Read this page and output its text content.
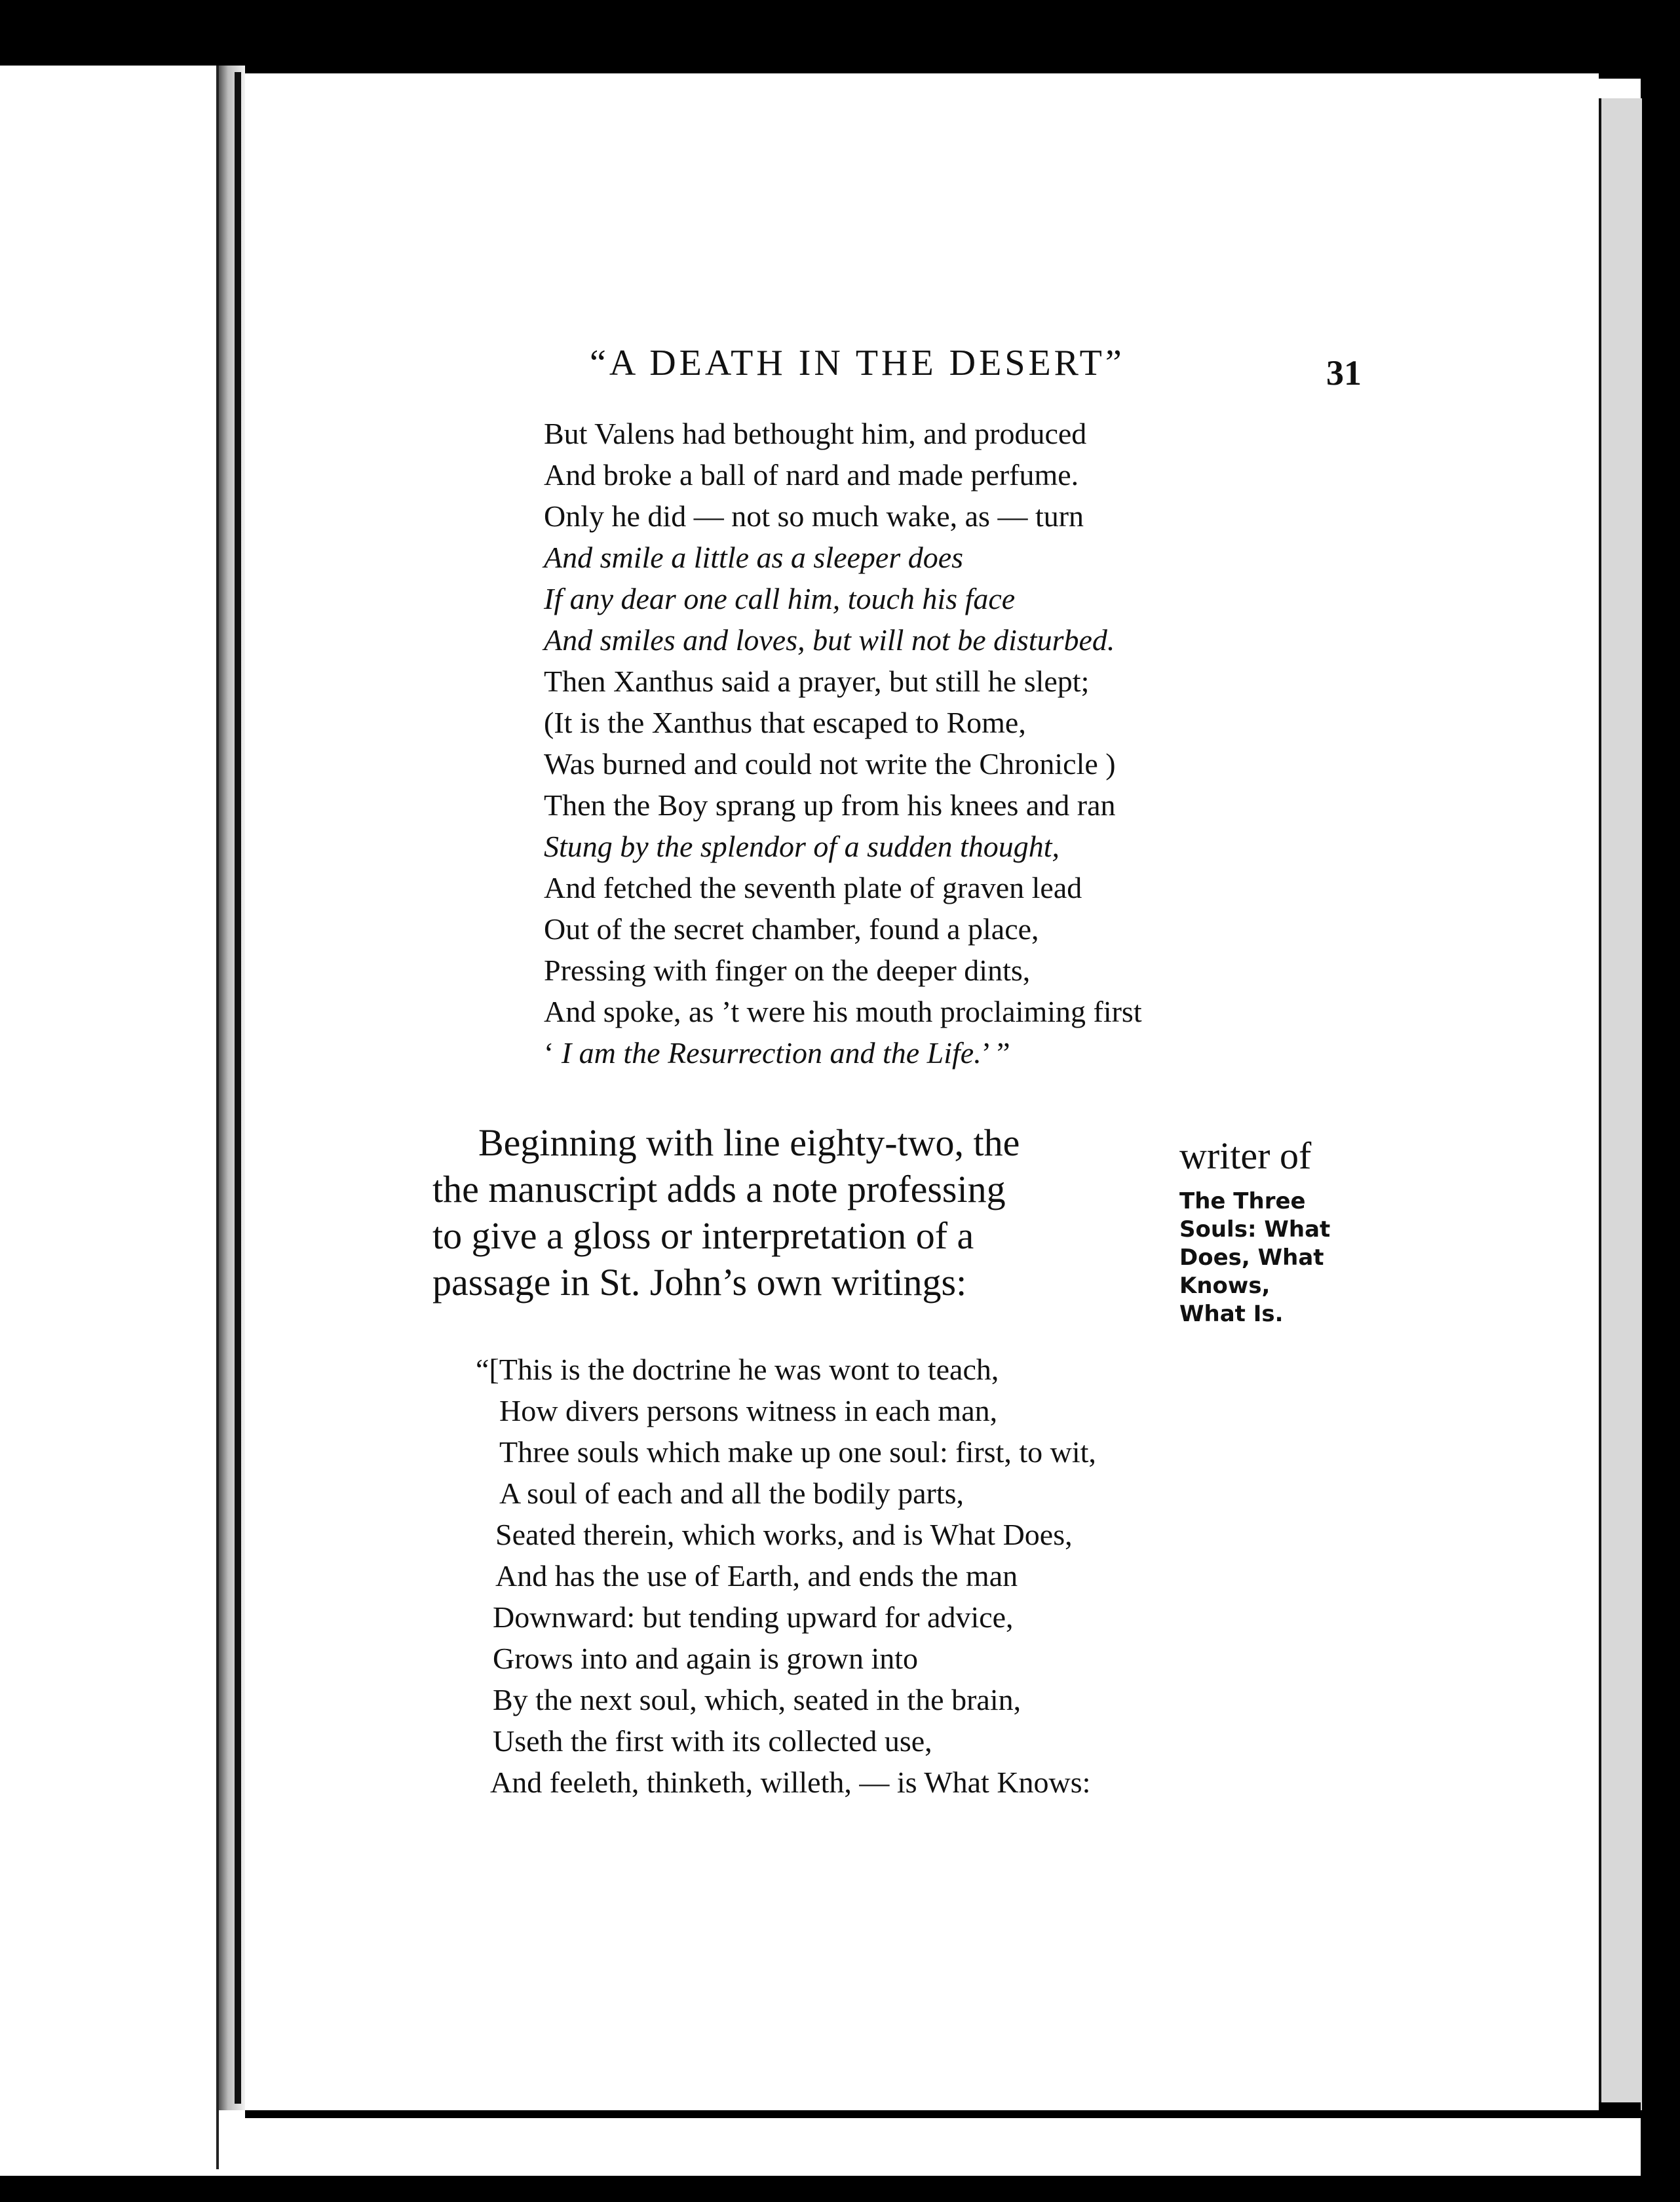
“A DEATH IN THE DESERT”	31
But Valens had bethought him, and produced
And broke a ball of nard and made perfume.
Only he did — not so much wake, as — turn
And smile a little as a sleeper does
If any dear one call him, touch his face
And smiles and loves, but will not be disturbed.
Then Xanthus said a prayer, but still he slept;
(It is the Xanthus that escaped to Rome,
Was burned and could not write the Chronicle )
Then the Boy sprang up from his knees and ran
Stung by the splendor of a sudden thought,
And fetched the seventh plate of graven lead
Out of the secret chamber, found a place,
Pressing with finger on the deeper dints,
And spoke, as ’t were his mouth proclaiming first
‘ I am the Resurrection and the Life.’ ”
Beginning with line eighty-two, the
the manuscript adds a note professing
to give a gloss or interpretation of a
passage in St. John’s own writings:
writer of
The Three
Souls: What
Does, What
Knows,
What Is.
“[This is the doctrine he was wont to teach,
How divers persons witness in each man,
Three souls which make up one soul: first, to wit,
A soul of each and all the bodily parts,
Seated therein, which works, and is What Does,
And has the use of Earth, and ends the man
Downward: but tending upward for advice,
Grows into and again is grown into
By the next soul, which, seated in the brain,
Useth the first with its collected use,
And feeleth, thinketh, willeth, — is What Knows:
